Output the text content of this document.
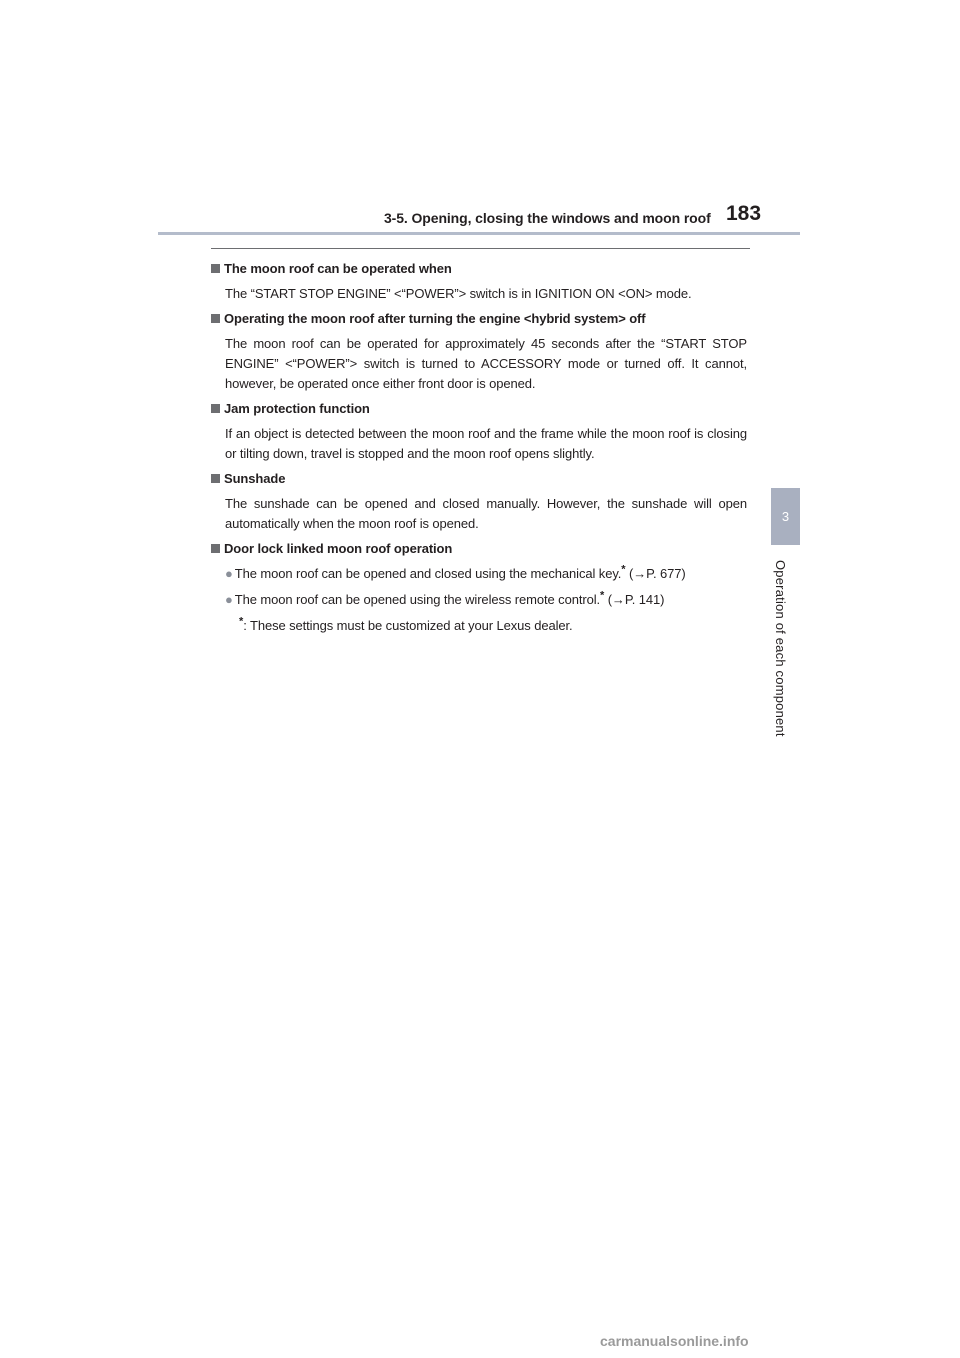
3-5. Opening, closing the windows and moon roof 183
3
Operation of each component
The moon roof can be operated when
The “START STOP ENGINE” <“POWER”> switch is in IGNITION ON <ON> mode.
Operating the moon roof after turning the engine <hybrid system> off
The moon roof can be operated for approximately 45 seconds after the “START STOP ENGINE” <“POWER”> switch is turned to ACCESSORY mode or turned off. It cannot, however, be operated once either front door is opened.
Jam protection function
If an object is detected between the moon roof and the frame while the moon roof is closing or tilting down, travel is stopped and the moon roof opens slightly.
Sunshade
The sunshade can be opened and closed manually. However, the sunshade will open automatically when the moon roof is opened.
Door lock linked moon roof operation
● The moon roof can be opened and closed using the mechanical key.* (→P. 677)
● The moon roof can be opened using the wireless remote control.* (→P. 141)
*: These settings must be customized at your Lexus dealer.
carmanualsonline.info
